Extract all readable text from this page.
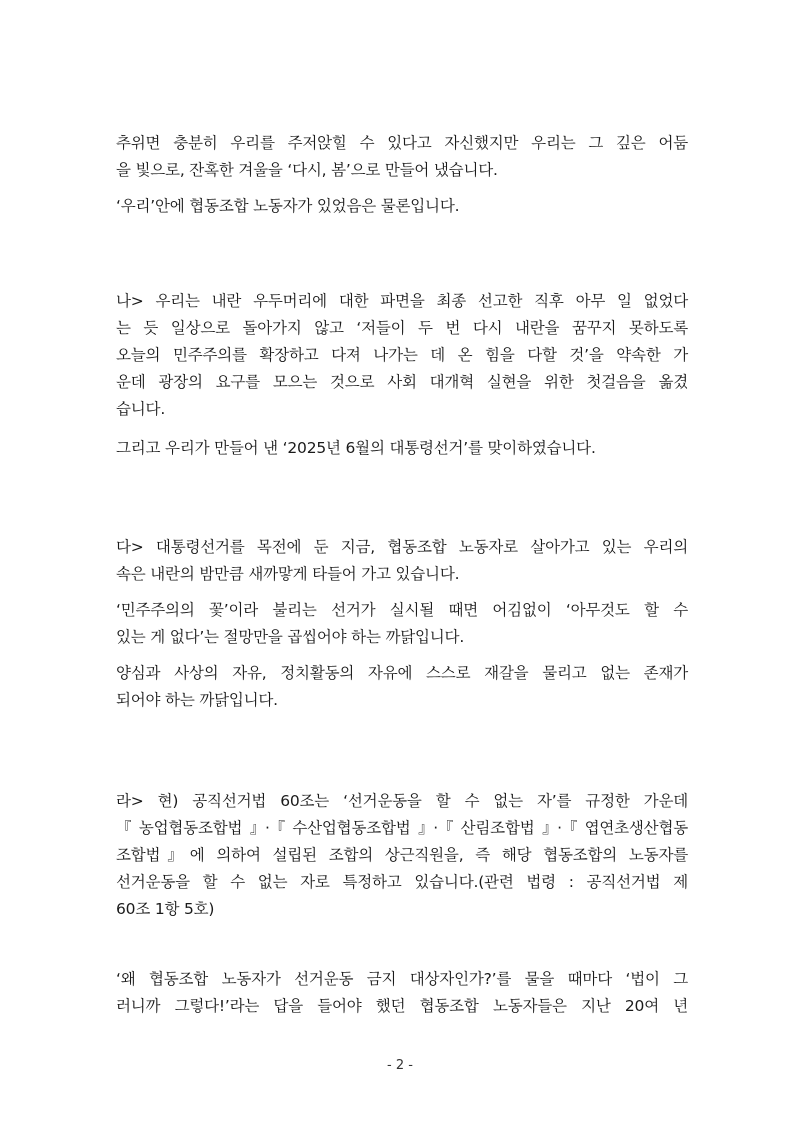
추위면 충분히 우리를 주저앉힐 수 있다고 자신했지만 우리는 그 깊은 어둠
을 빛으로, 잔혹한 겨울을 ‘다시, 봄’으로 만들어 냈습니다.

‘우리’안에 협동조합 노동자가 있었음은 물론입니다.

나> 우리는 내란 우두머리에 대한 파면을 최종 선고한 직후 아무 일 없었다
는 듯 일상으로 돌아가지 않고 ‘저들이 두 번 다시 내란을 꿈꾸지 못하도록
오늘의 민주주의를 확장하고 다져 나가는 데 온 힘을 다할 것’을 약속한 가
운데 광장의 요구를 모으는 것으로 사회 대개혁 실현을 위한 첫걸음을 옮겼
습니다.

그리고 우리가 만들어 낸 ‘2025년 6월의 대통령선거’를 맞이하였습니다.

다> 대통령선거를 목전에 둔 지금, 협동조합 노동자로 살아가고 있는 우리의
속은 내란의 밤만큼 새까맣게 타들어 가고 있습니다.

‘민주주의의 꽃’이라 불리는 선거가 실시될 때면 어김없이 ‘아무것도 할 수
있는 게 없다’는 절망만을 곱씹어야 하는 까닭입니다.

양심과 사상의 자유, 정치활동의 자유에 스스로 재갈을 물리고 없는 존재가
되어야 하는 까닭입니다.

라> 현) 공직선거법 60조는 ‘선거운동을 할 수 없는 자’를 규정한 가운데
『농업협동조합법』·『수산업협동조합법』·『산림조합법』·『엽연초생산협동
조합법』에 의하여 설립된 조합의 상근직원을, 즉 해당 협동조합의 노동자를
선거운동을 할 수 없는 자로 특정하고 있습니다.(관련 법령 : 공직선거법 제
60조 1항 5호)

‘왜 협동조합 노동자가 선거운동 금지 대상자인가?’를 물을 때마다 ‘법이 그
러니까 그렇다!’라는 답을 들어야 했던 협동조합 노동자들은 지난 20여 년

- 2 -
